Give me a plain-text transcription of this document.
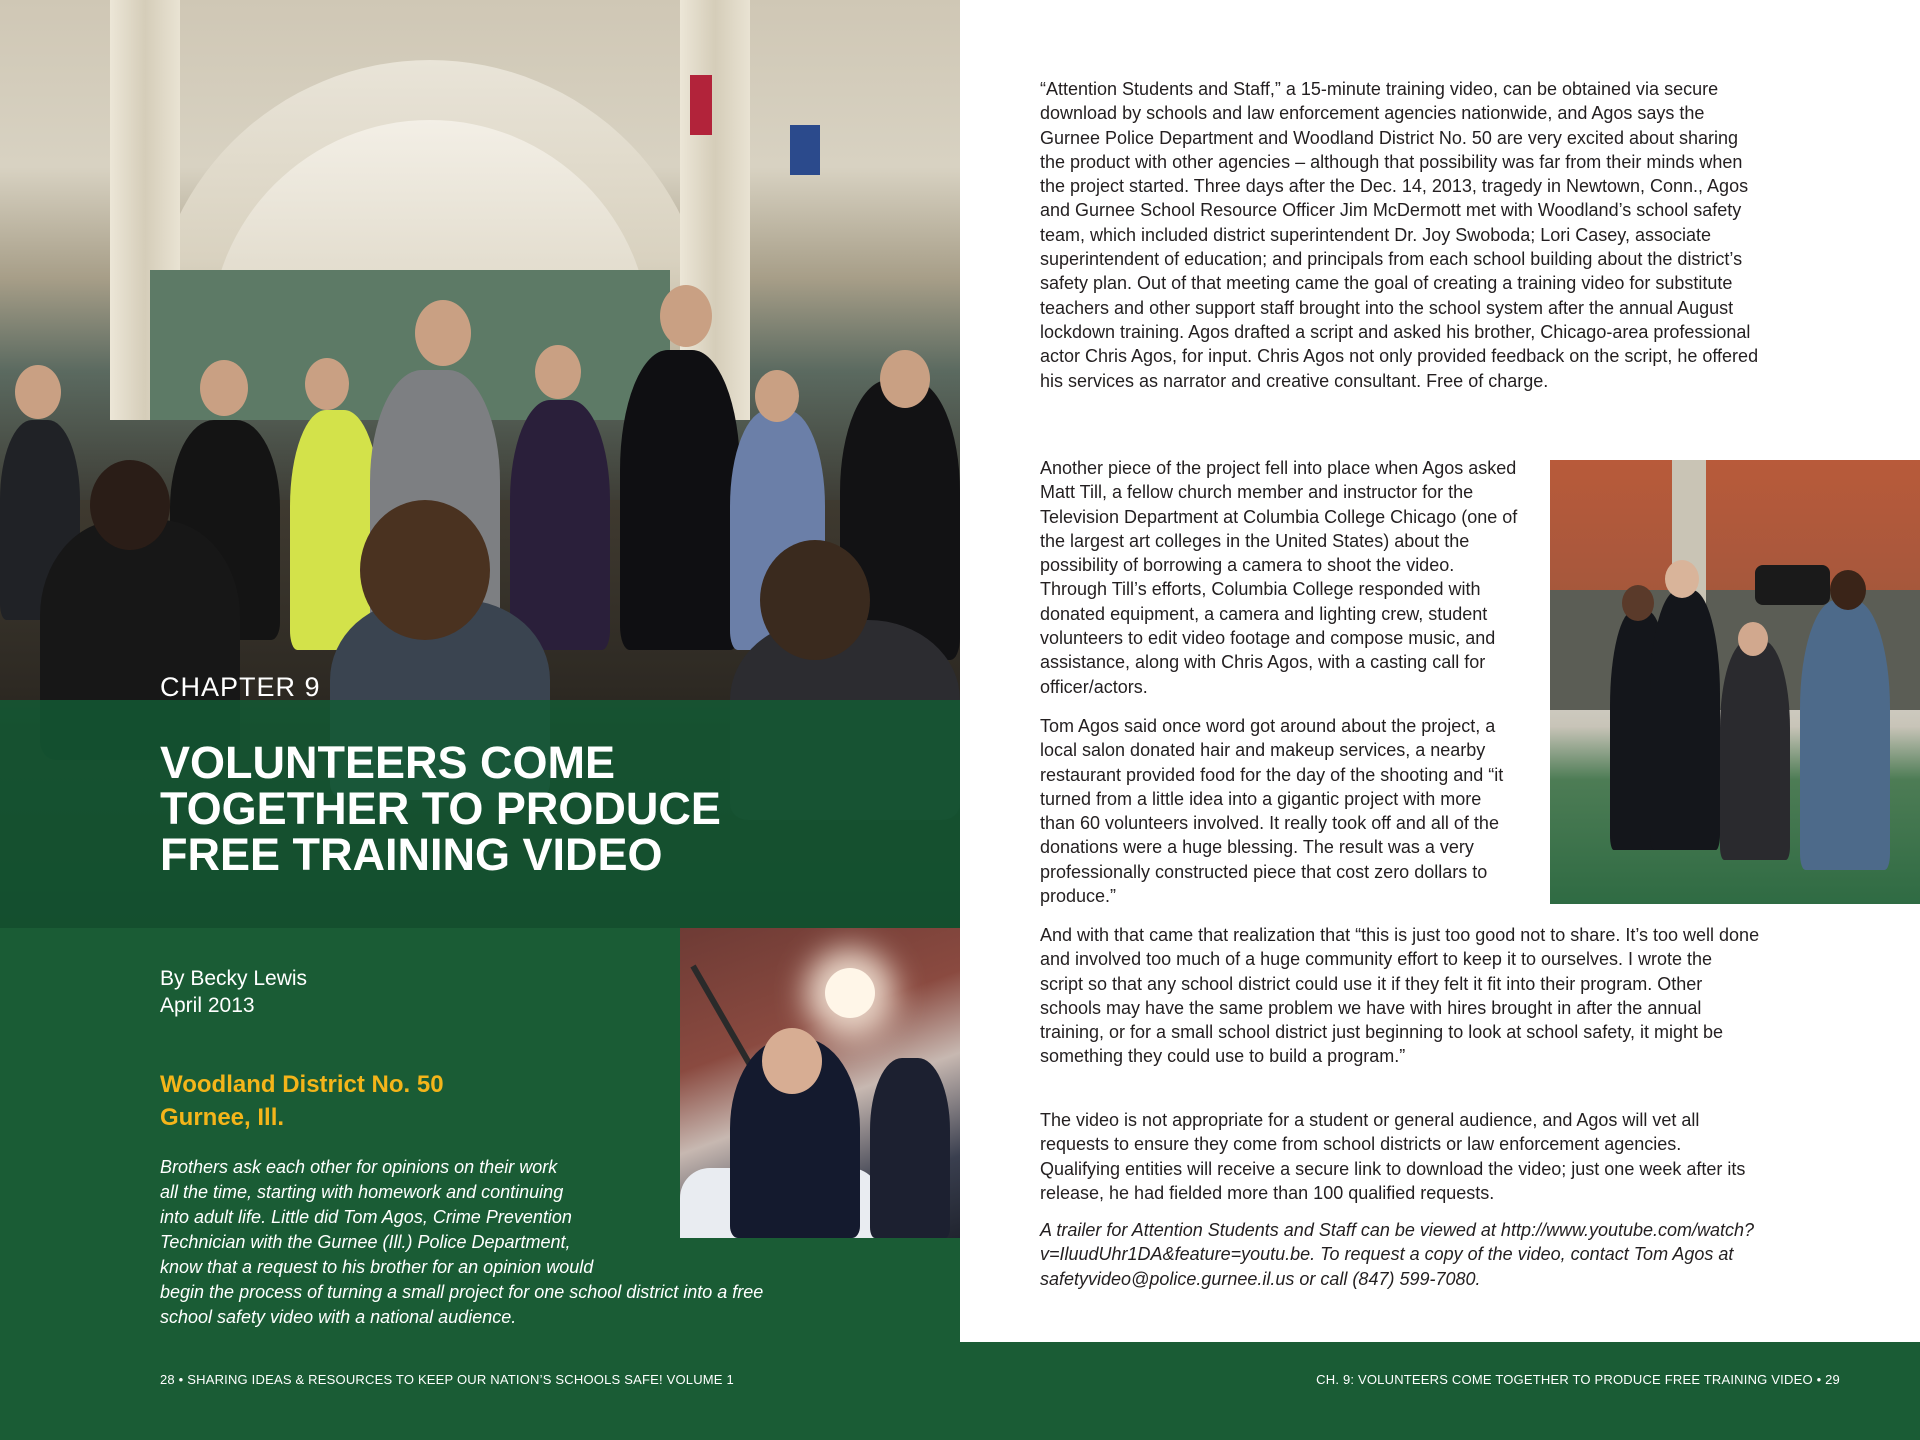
CHAPTER 9
VOLUNTEERS COME TOGETHER TO PRODUCE FREE TRAINING VIDEO
By Becky Lewis
April 2013
Woodland District No. 50
Gurnee, Ill.
Brothers ask each other for opinions on their work
all the time, starting with homework and continuing
into adult life. Little did Tom Agos, Crime Prevention
Technician with the Gurnee (Ill.) Police Department,
know that a request to his brother for an opinion would
begin the process of turning a small project for one school district into a free
school safety video with a national audience.
28 • SHARING IDEAS & RESOURCES TO KEEP OUR NATION’S SCHOOLS SAFE! VOLUME 1

“Attention Students and Staff,” a 15-minute training video, can be obtained via secure download by schools and law enforcement agencies nationwide, and Agos says the Gurnee Police Department and Woodland District No. 50 are very excited about sharing the product with other agencies – although that possibility was far from their minds when the project started. Three days after the Dec. 14, 2013, tragedy in Newtown, Conn., Agos and Gurnee School Resource Officer Jim McDermott met with Woodland’s school safety team, which included district superintendent Dr. Joy Swoboda; Lori Casey, associate superintendent of education; and principals from each school building about the district’s safety plan. Out of that meeting came the goal of creating a training video for substitute teachers and other support staff brought into the school system after the annual August lockdown training. Agos drafted a script and asked his brother, Chicago-area professional actor Chris Agos, for input. Chris Agos not only provided feedback on the script, he offered his services as narrator and creative consultant. Free of charge.

Another piece of the project fell into place when Agos asked Matt Till, a fellow church member and instructor for the Television Department at Columbia College Chicago (one of the largest art colleges in the United States) about the possibility of borrowing a camera to shoot the video. Through Till’s efforts, Columbia College responded with donated equipment, a camera and lighting crew, student volunteers to edit video footage and compose music, and assistance, along with Chris Agos, with a casting call for officer/actors.

Tom Agos said once word got around about the project, a local salon donated hair and makeup services, a nearby restaurant provided food for the day of the shooting and “it turned from a little idea into a gigantic project with more than 60 volunteers involved. It really took off and all of the donations were a huge blessing. The result was a very professionally constructed piece that cost zero dollars to produce.”

And with that came that realization that “this is just too good not to share. It’s too well done and involved too much of a huge community effort to keep it to ourselves. I wrote the script so that any school district could use it if they felt it fit into their program. Other schools may have the same problem we have with hires brought in after the annual training, or for a small school district just beginning to look at school safety, it might be something they could use to build a program.”

The video is not appropriate for a student or general audience, and Agos will vet all requests to ensure they come from school districts or law enforcement agencies. Qualifying entities will receive a secure link to download the video; just one week after its release, he had fielded more than 100 qualified requests.

A trailer for Attention Students and Staff can be viewed at http://www.youtube.com/watch?v=IluudUhr1DA&feature=youtu.be. To request a copy of the video, contact Tom Agos at safetyvideo@police.gurnee.il.us or call (847) 599-7080.

CH. 9: VOLUNTEERS COME TOGETHER TO PRODUCE FREE TRAINING VIDEO • 29
